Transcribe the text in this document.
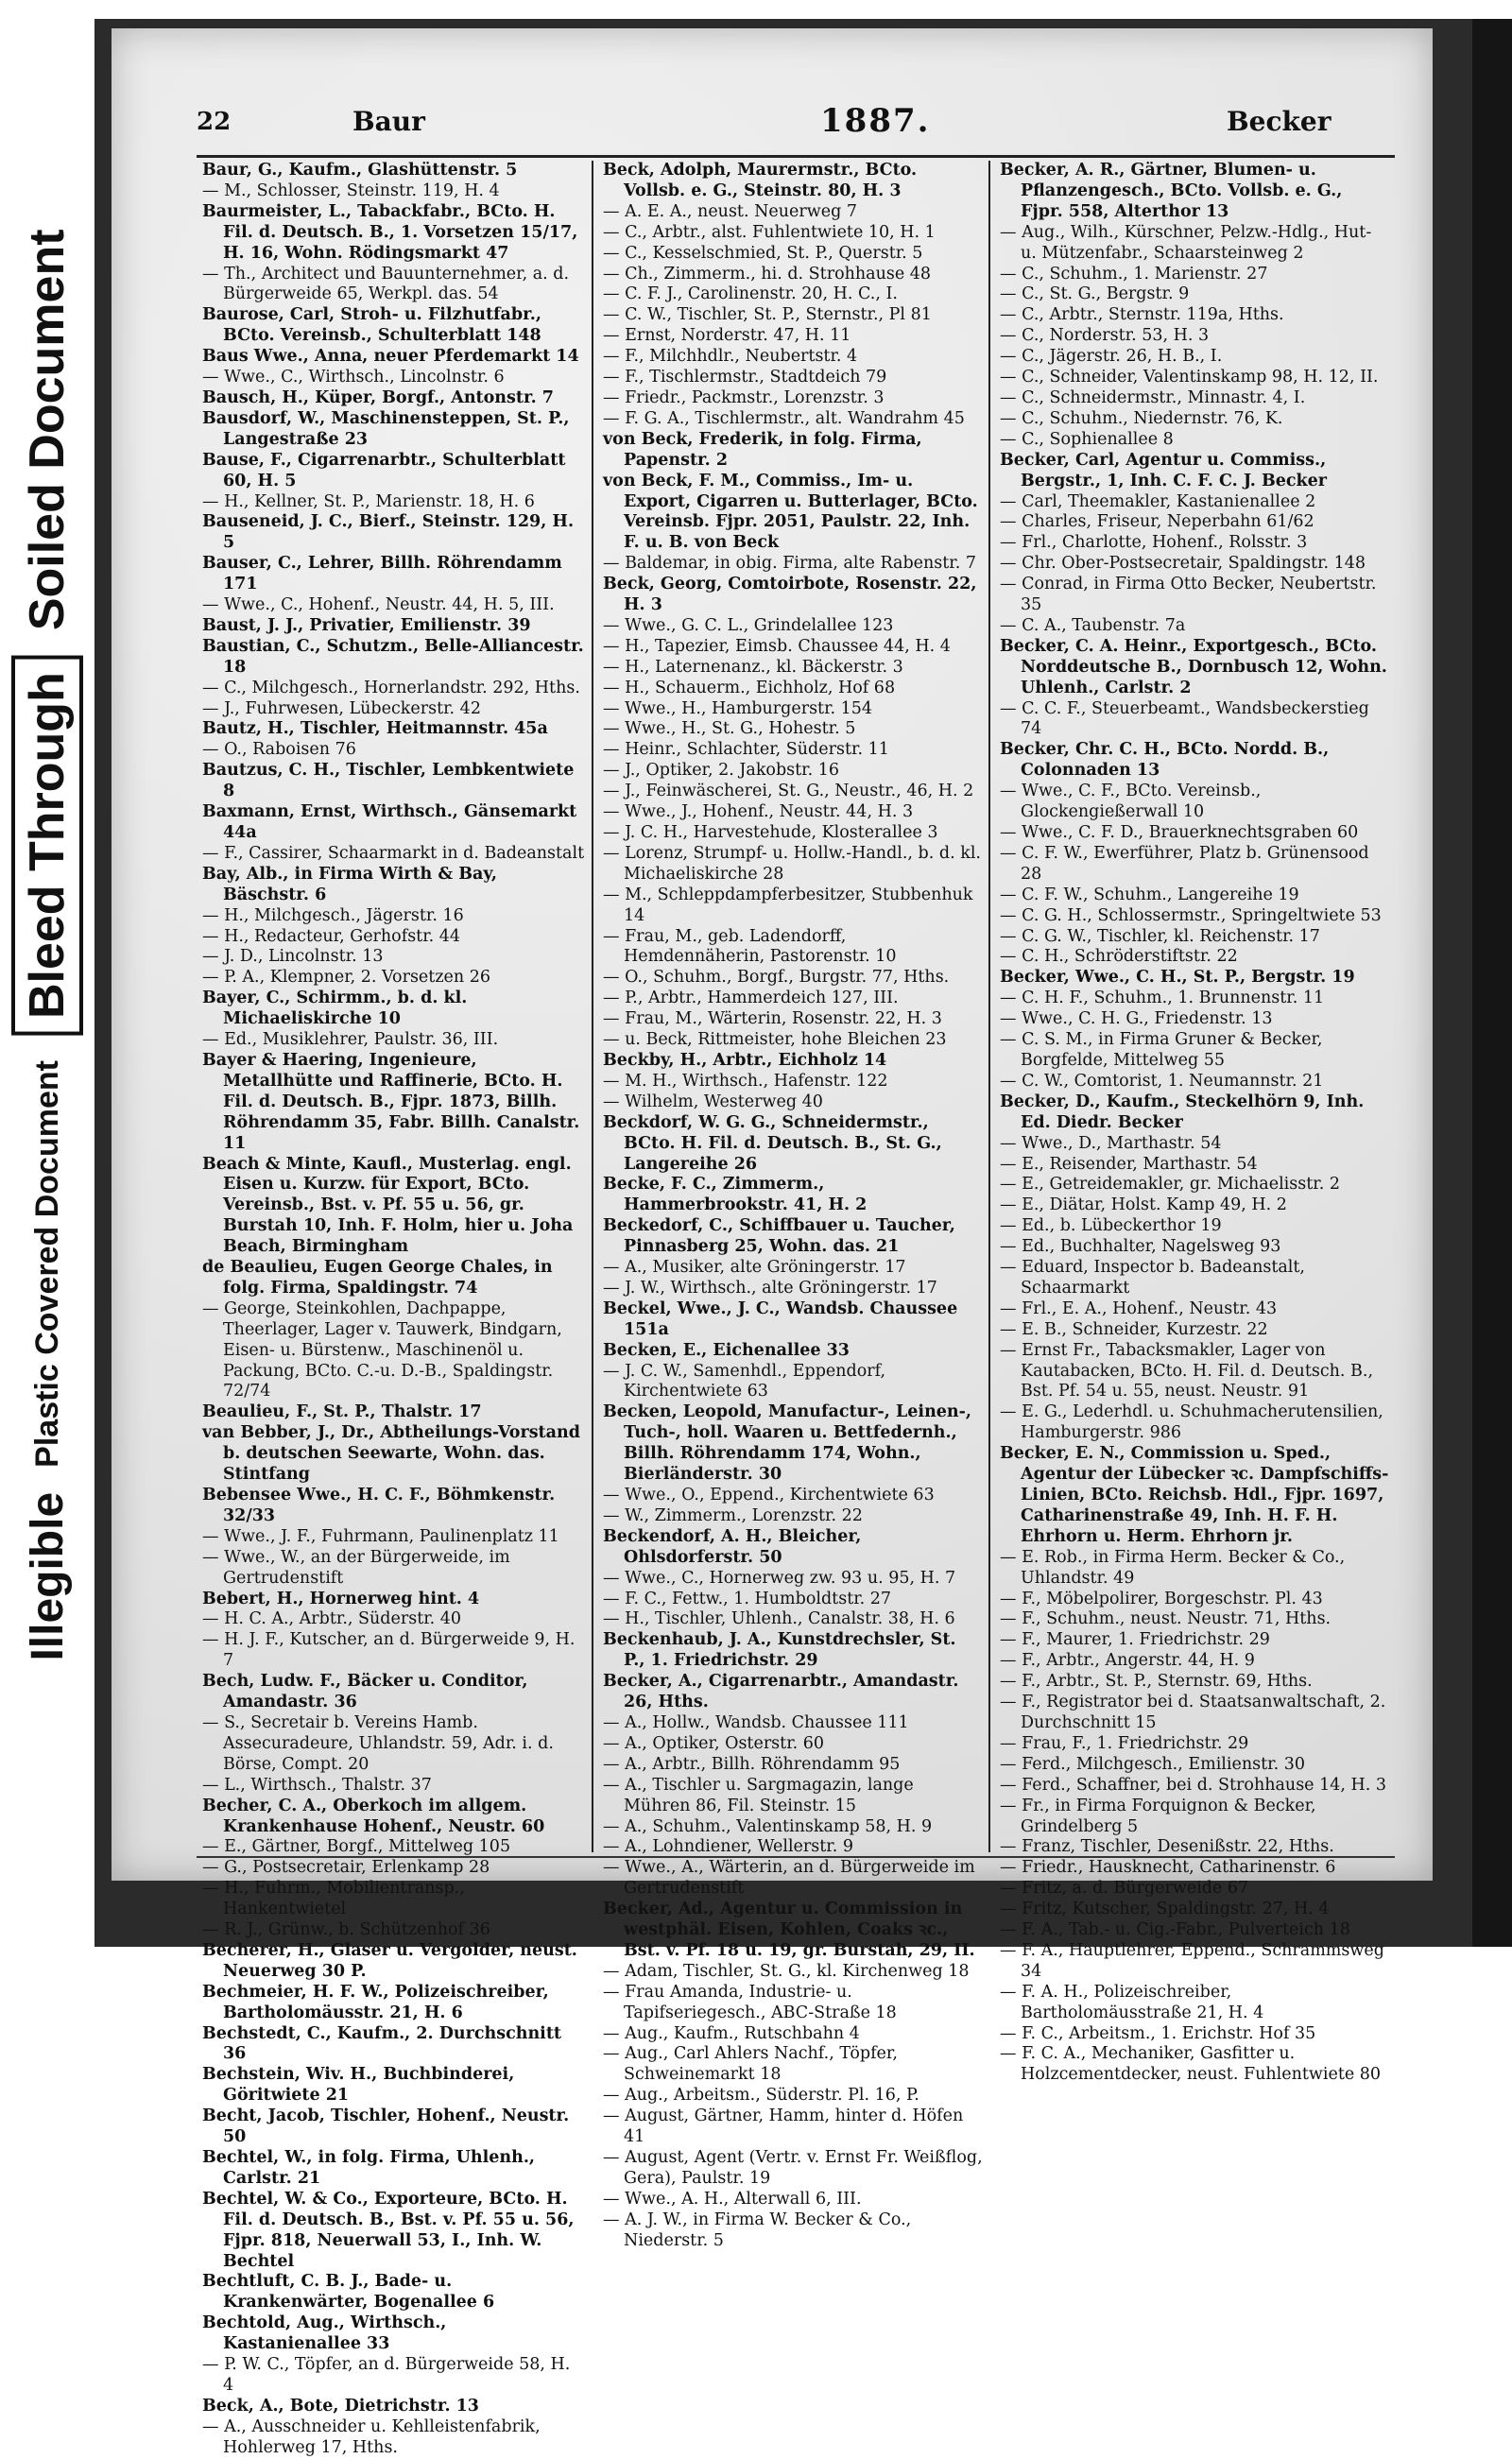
Illegible
Plastic Covered Document
Bleed Through
Soiled Document
22	Baur	1887.	Becker

Baur, G., Kaufm., Glashüttenstr. 5

— M., Schlosser, Steinstr. 119, H. 4

Baurmeister, L., Tabackfabr., BCto. H. Fil. d. Deutsch. B., 1. Vorsetzen 15/17, H. 16, Wohn. Rödingsmarkt 47

— Th., Architect und Bauunternehmer, a. d. Bürgerweide 65, Werkpl. das. 54

Baurose, Carl, Stroh- u. Filzhutfabr., BCto. Vereinsb., Schulterblatt 148

Baus Wwe., Anna, neuer Pferdemarkt 14

— Wwe., C., Wirthsch., Lincolnstr. 6

Bausch, H., Küper, Borgf., Antonstr. 7

Bausdorf, W., Maschinensteppen, St. P., Langestraße 23

Bause, F., Cigarrenarbtr., Schulterblatt 60, H. 5

— H., Kellner, St. P., Marienstr. 18, H. 6

Bauseneid, J. C., Bierf., Steinstr. 129, H. 5

Bauser, C., Lehrer, Billh. Röhrendamm 171

— Wwe., C., Hohenf., Neustr. 44, H. 5, III.

Baust, J. J., Privatier, Emilienstr. 39

Baustian, C., Schutzm., Belle-Alliancestr. 18

— C., Milchgesch., Hornerlandstr. 292, Hths.

— J., Fuhrwesen, Lübeckerstr. 42

Bautz, H., Tischler, Heitmannstr. 45a

— O., Raboisen 76

Bautzus, C. H., Tischler, Lembkentwiete 8

Baxmann, Ernst, Wirthsch., Gänsemarkt 44a

— F., Cassirer, Schaarmarkt in d. Badeanstalt

Bay, Alb., in Firma Wirth & Bay, Bäschstr. 6

— H., Milchgesch., Jägerstr. 16

— H., Redacteur, Gerhofstr. 44

— J. D., Lincolnstr. 13

— P. A., Klempner, 2. Vorsetzen 26

Bayer, C., Schirmm., b. d. kl. Michaeliskirche 10

— Ed., Musiklehrer, Paulstr. 36, III.

Bayer & Haering, Ingenieure, Metallhütte und Raffinerie, BCto. H. Fil. d. Deutsch. B., Fjpr. 1873, Billh. Röhrendamm 35, Fabr. Billh. Canalstr. 11

Beach & Minte, Kaufl., Musterlag. engl. Eisen u. Kurzw. für Export, BCto. Vereinsb., Bst. v. Pf. 55 u. 56, gr. Burstah 10, Inh. F. Holm, hier u. Joha Beach, Birmingham

de Beaulieu, Eugen George Chales, in folg. Firma, Spaldingstr. 74

— George, Steinkohlen, Dachpappe, Theerlager, Lager v. Tauwerk, Bindgarn, Eisen- u. Bürstenw., Maschinenöl u. Packung, BCto. C.-u. D.-B., Spaldingstr. 72/74

Beaulieu, F., St. P., Thalstr. 17

van Bebber, J., Dr., Abtheilungs-Vorstand b. deutschen Seewarte, Wohn. das. Stintfang

Bebensee Wwe., H. C. F., Böhmkenstr. 32/33

— Wwe., J. F., Fuhrmann, Paulinenplatz 11

— Wwe., W., an der Bürgerweide, im Gertrudenstift

Bebert, H., Hornerweg hint. 4

— H. C. A., Arbtr., Süderstr. 40

— H. J. F., Kutscher, an d. Bürgerweide 9, H. 7

Bech, Ludw. F., Bäcker u. Conditor, Amandastr. 36

— S., Secretair b. Vereins Hamb. Assecuradeure, Uhlandstr. 59, Adr. i. d. Börse, Compt. 20

— L., Wirthsch., Thalstr. 37

Becher, C. A., Oberkoch im allgem. Krankenhause Hohenf., Neustr. 60

— E., Gärtner, Borgf., Mittelweg 105

— G., Postsecretair, Erlenkamp 28

— H., Fuhrm., Mobilientransp., Hankentwietel

— R. J., Grünw., b. Schützenhof 36

Becherer, H., Glaser u. Vergolder, neust. Neuerweg 30 P.

Bechmeier, H. F. W., Polizeischreiber, Bartholomäusstr. 21, H. 6

Bechstedt, C., Kaufm., 2. Durchschnitt 36

Bechstein, Wiv. H., Buchbinderei, Göritwiete 21

Becht, Jacob, Tischler, Hohenf., Neustr. 50

Bechtel, W., in folg. Firma, Uhlenh., Carlstr. 21

Bechtel, W. & Co., Exporteure, BCto. H. Fil. d. Deutsch. B., Bst. v. Pf. 55 u. 56, Fjpr. 818, Neuerwall 53, I., Inh. W. Bechtel

Bechtluft, C. B. J., Bade- u. Krankenwärter, Bogenallee 6

Bechtold, Aug., Wirthsch., Kastanienallee 33

— P. W. C., Töpfer, an d. Bürgerweide 58, H. 4

Beck, A., Bote, Dietrichstr. 13

— A., Ausschneider u. Kehlleistenfabrik, Hohlerweg 17, Hths.

Beck, Adolph, Maurermstr., BCto. Vollsb. e. G., Steinstr. 80, H. 3

— A. E. A., neust. Neuerweg 7

— C., Arbtr., alst. Fuhlentwiete 10, H. 1

— C., Kesselschmied, St. P., Querstr. 5

— Ch., Zimmerm., hi. d. Strohhause 48

— C. F. J., Carolinenstr. 20, H. C., I.

— C. W., Tischler, St. P., Sternstr., Pl 81

— Ernst, Norderstr. 47, H. 11

— F., Milchhdlr., Neubertstr. 4

— F., Tischlermstr., Stadtdeich 79

— Friedr., Packmstr., Lorenzstr. 3

— F. G. A., Tischlermstr., alt. Wandrahm 45

von Beck, Frederik, in folg. Firma, Papenstr. 2

von Beck, F. M., Commiss., Im- u. Export, Cigarren u. Butterlager, BCto. Vereinsb. Fjpr. 2051, Paulstr. 22, Inh. F. u. B. von Beck

— Baldemar, in obig. Firma, alte Rabenstr. 7

Beck, Georg, Comtoirbote, Rosenstr. 22, H. 3

— Wwe., G. C. L., Grindelallee 123

— H., Tapezier, Eimsb. Chaussee 44, H. 4

— H., Laternenanz., kl. Bäckerstr. 3

— H., Schauerm., Eichholz, Hof 68

— Wwe., H., Hamburgerstr. 154

— Wwe., H., St. G., Hohestr. 5

— Heinr., Schlachter, Süderstr. 11

— J., Optiker, 2. Jakobstr. 16

— J., Feinwäscherei, St. G., Neustr., 46, H. 2

— Wwe., J., Hohenf., Neustr. 44, H. 3

— J. C. H., Harvestehude, Klosterallee 3

— Lorenz, Strumpf- u. Hollw.-Handl., b. d. kl. Michaeliskirche 28

— M., Schleppdampferbesitzer, Stubbenhuk 14

— Frau, M., geb. Ladendorff, Hemdennäherin, Pastorenstr. 10

— O., Schuhm., Borgf., Burgstr. 77, Hths.

— P., Arbtr., Hammerdeich 127, III.

— Frau, M., Wärterin, Rosenstr. 22, H. 3

— u. Beck, Rittmeister, hohe Bleichen 23

Beckby, H., Arbtr., Eichholz 14

— M. H., Wirthsch., Hafenstr. 122

— Wilhelm, Westerweg 40

Beckdorf, W. G. G., Schneidermstr., BCto. H. Fil. d. Deutsch. B., St. G., Langereihe 26

Becke, F. C., Zimmerm., Hammerbrookstr. 41, H. 2

Beckedorf, C., Schiffbauer u. Taucher, Pinnasberg 25, Wohn. das. 21

— A., Musiker, alte Gröningerstr. 17

— J. W., Wirthsch., alte Gröningerstr. 17

Beckel, Wwe., J. C., Wandsb. Chaussee 151a

Becken, E., Eichenallee 33

— J. C. W., Samenhdl., Eppendorf, Kirchentwiete 63

Becken, Leopold, Manufactur-, Leinen-, Tuch-, holl. Waaren u. Bettfedernh., Billh. Röhrendamm 174, Wohn., Bierländerstr. 30

— Wwe., O., Eppend., Kirchentwiete 63

— W., Zimmerm., Lorenzstr. 22

Beckendorf, A. H., Bleicher, Ohlsdorferstr. 50

— Wwe., C., Hornerweg zw. 93 u. 95, H. 7

— F. C., Fettw., 1. Humboldtstr. 27

— H., Tischler, Uhlenh., Canalstr. 38, H. 6

Beckenhaub, J. A., Kunstdrechsler, St. P., 1. Friedrichstr. 29

Becker, A., Cigarrenarbtr., Amandastr. 26, Hths.

— A., Hollw., Wandsb. Chaussee 111

— A., Optiker, Osterstr. 60

— A., Arbtr., Billh. Röhrendamm 95

— A., Tischler u. Sargmagazin, lange Mühren 86, Fil. Steinstr. 15

— A., Schuhm., Valentinskamp 58, H. 9

— A., Lohndiener, Wellerstr. 9

— Wwe., A., Wärterin, an d. Bürgerweide im Gertrudenstift

Becker, Ad., Agentur u. Commission in westphäl. Eisen, Kohlen, Coaks ꝛc., Bst. v. Pf. 18 u. 19, gr. Burstah, 29, II.

— Adam, Tischler, St. G., kl. Kirchenweg 18

— Frau Amanda, Industrie- u. Tapifseriegesch., ABC-Straße 18

— Aug., Kaufm., Rutschbahn 4

— Aug., Carl Ahlers Nachf., Töpfer, Schweinemarkt 18

— Aug., Arbeitsm., Süderstr. Pl. 16, P.

— August, Gärtner, Hamm, hinter d. Höfen 41

— August, Agent (Vertr. v. Ernst Fr. Weißflog, Gera), Paulstr. 19

— Wwe., A. H., Alterwall 6, III.

— A. J. W., in Firma W. Becker & Co., Niederstr. 5

Becker, A. R., Gärtner, Blumen- u. Pflanzengesch., BCto. Vollsb. e. G., Fjpr. 558, Alterthor 13

— Aug., Wilh., Kürschner, Pelzw.-Hdlg., Hut- u. Mützenfabr., Schaarsteinweg 2

— C., Schuhm., 1. Marienstr. 27

— C., St. G., Bergstr. 9

— C., Arbtr., Sternstr. 119a, Hths.

— C., Norderstr. 53, H. 3

— C., Jägerstr. 26, H. B., I.

— C., Schneider, Valentinskamp 98, H. 12, II.

— C., Schneidermstr., Minnastr. 4, I.

— C., Schuhm., Niedernstr. 76, K.

— C., Sophienallee 8

Becker, Carl, Agentur u. Commiss., Bergstr., 1, Inh. C. F. C. J. Becker

— Carl, Theemakler, Kastanienallee 2

— Charles, Friseur, Neperbahn 61/62

— Frl., Charlotte, Hohenf., Rolsstr. 3

— Chr. Ober-Postsecretair, Spaldingstr. 148

— Conrad, in Firma Otto Becker, Neubertstr. 35

— C. A., Taubenstr. 7a

Becker, C. A. Heinr., Exportgesch., BCto. Norddeutsche B., Dornbusch 12, Wohn. Uhlenh., Carlstr. 2

— C. C. F., Steuerbeamt., Wandsbeckerstieg 74

Becker, Chr. C. H., BCto. Nordd. B., Colonnaden 13

— Wwe., C. F., BCto. Vereinsb., Glockengießerwall 10

— Wwe., C. F. D., Brauerknechtsgraben 60

— C. F. W., Ewerführer, Platz b. Grünensood 28

— C. F. W., Schuhm., Langereihe 19

— C. G. H., Schlossermstr., Springeltwiete 53

— C. G. W., Tischler, kl. Reichenstr. 17

— C. H., Schröderstiftstr. 22

Becker, Wwe., C. H., St. P., Bergstr. 19

— C. H. F., Schuhm., 1. Brunnenstr. 11

— Wwe., C. H. G., Friedenstr. 13

— C. S. M., in Firma Gruner & Becker, Borgfelde, Mittelweg 55

— C. W., Comtorist, 1. Neumannstr. 21

Becker, D., Kaufm., Steckelhörn 9, Inh. Ed. Diedr. Becker

— Wwe., D., Marthastr. 54

— E., Reisender, Marthastr. 54

— E., Getreidemakler, gr. Michaelisstr. 2

— E., Diätar, Holst. Kamp 49, H. 2

— Ed., b. Lübeckerthor 19

— Ed., Buchhalter, Nagelsweg 93

— Eduard, Inspector b. Badeanstalt, Schaarmarkt

— Frl., E. A., Hohenf., Neustr. 43

— E. B., Schneider, Kurzestr. 22

— Ernst Fr., Tabacksmakler, Lager von Kautabacken, BCto. H. Fil. d. Deutsch. B., Bst. Pf. 54 u. 55, neust. Neustr. 91

— E. G., Lederhdl. u. Schuhmacherutensilien, Hamburgerstr. 986

Becker, E. N., Commission u. Sped., Agentur der Lübecker ꝛc. Dampfschiffs-Linien, BCto. Reichsb. Hdl., Fjpr. 1697, Catharinenstraße 49, Inh. H. F. H. Ehrhorn u. Herm. Ehrhorn jr.

— E. Rob., in Firma Herm. Becker & Co., Uhlandstr. 49

— F., Möbelpolirer, Borgeschstr. Pl. 43

— F., Schuhm., neust. Neustr. 71, Hths.

— F., Maurer, 1. Friedrichstr. 29

— F., Arbtr., Angerstr. 44, H. 9

— F., Arbtr., St. P., Sternstr. 69, Hths.

— F., Registrator bei d. Staatsanwaltschaft, 2. Durchschnitt 15

— Frau, F., 1. Friedrichstr. 29

— Ferd., Milchgesch., Emilienstr. 30

— Ferd., Schaffner, bei d. Strohhause 14, H. 3

— Fr., in Firma Forquignon & Becker, Grindelberg 5

— Franz, Tischler, Desenißstr. 22, Hths.

— Friedr., Hausknecht, Catharinenstr. 6

— Fritz, a. d. Bürgerweide 67

— Fritz, Kutscher, Spaldingstr. 27, H. 4

— F. A., Tab.- u. Cig.-Fabr., Pulverteich 18

— F. A., Hauptlehrer, Eppend., Schrammsweg 34

— F. A. H., Polizeischreiber, Bartholomäusstraße 21, H. 4

— F. C., Arbeitsm., 1. Erichstr. Hof 35

— F. C. A., Mechaniker, Gasfitter u. Holzcementdecker, neust. Fuhlentwiete 80
